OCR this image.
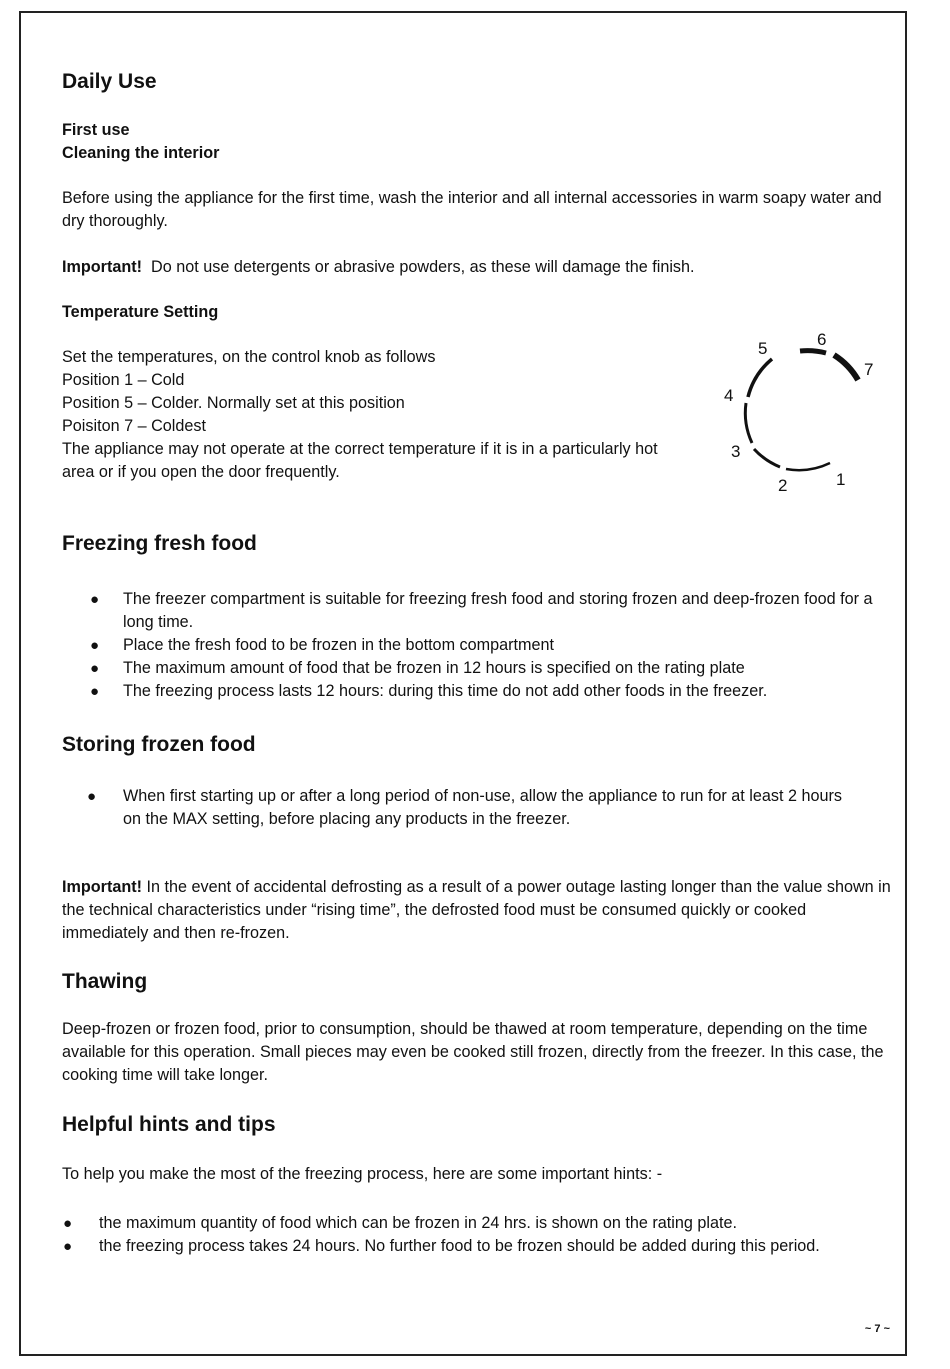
Daily Use

First use

Cleaning the interior

Before using the appliance for the first time, wash the interior and all internal accessories in warm soapy water and dry thoroughly.

Important! Do not use detergents or abrasive powders, as these will damage the finish.

Temperature Setting

Set the temperatures, on the control knob as follows

Position 1 – Cold

Position 5 – Colder. Normally set at this position

Poisiton 7 – Coldest

The appliance may not operate at the correct temperature if it is in a particularly hot area or if you open the door frequently.	1
2
3
4
5	6
7
Freezing fresh food
● The freezer compartment is suitable for freezing fresh food and storing frozen and deep-frozen food for a long time.
● Place the fresh food to be frozen in the bottom compartment
● The maximum amount of food that be frozen in 12 hours is specified on the rating plate
● The freezing process lasts 12 hours: during this time do not add other foods in the freezer.
Storing frozen food
● When first starting up or after a long period of non-use, allow the appliance to run for at least 2 hours on the MAX setting, before placing any products in the freezer.

Important! In the event of accidental defrosting as a result of a power outage lasting longer than the value shown in the technical characteristics under “rising time”, the defrosted food must be consumed quickly or cooked immediately and then re-frozen.

Thawing

Deep-frozen or frozen food, prior to consumption, should be thawed at room temperature, depending on the time available for this operation. Small pieces may even be cooked still frozen, directly from the freezer. In this case, the cooking time will take longer.

Helpful hints and tips

To help you make the most of the freezing process, here are some important hints: -

● the maximum quantity of food which can be frozen in 24 hrs. is shown on the rating plate.
● the freezing process takes 24 hours. No further food to be frozen should be added during this period.
~ 7 ~
